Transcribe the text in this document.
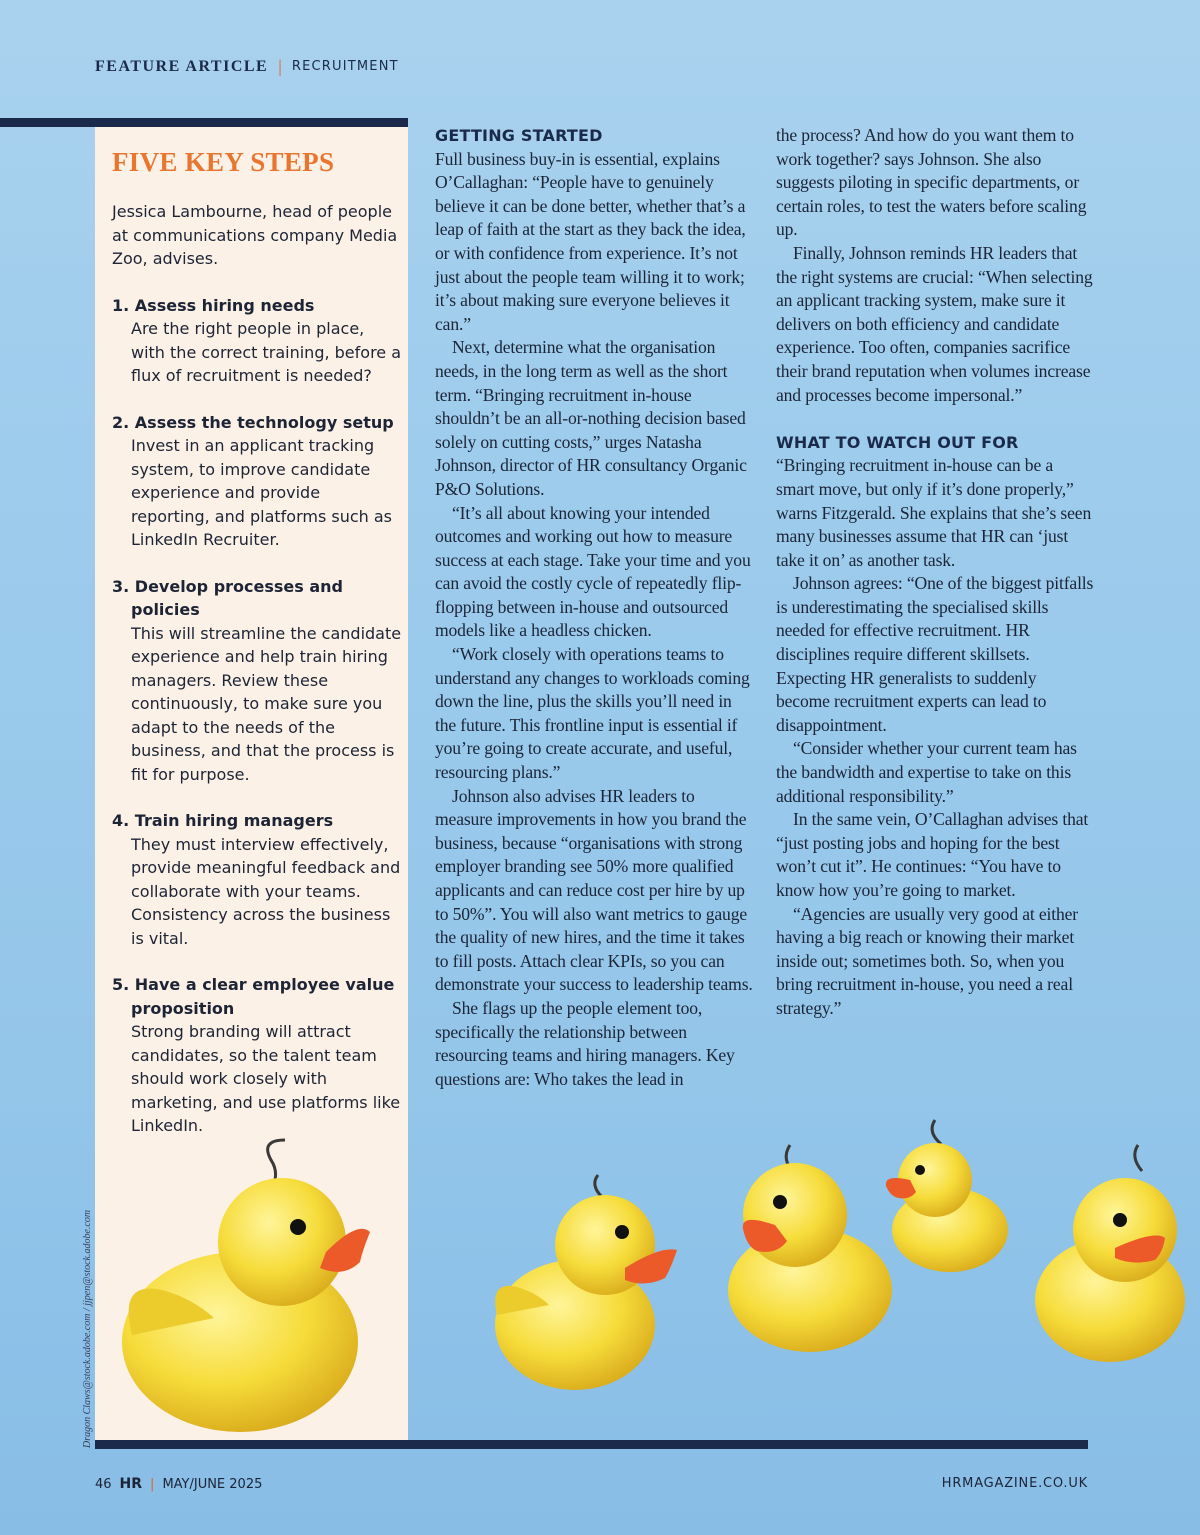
FEATURE ARTICLE | RECRUITMENT
FIVE KEY STEPS
Jessica Lambourne, head of people at communications company Media Zoo, advises.
1. Assess hiring needs
Are the right people in place, with the correct training, before a flux of recruitment is needed?
2. Assess the technology setup
Invest in an applicant tracking system, to improve candidate experience and provide reporting, and platforms such as LinkedIn Recruiter.
3. Develop processes and policies
This will streamline the candidate experience and help train hiring managers. Review these continuously, to make sure you adapt to the needs of the business, and that the process is fit for purpose.
4. Train hiring managers
They must interview effectively, provide meaningful feedback and collaborate with your teams. Consistency across the business is vital.
5. Have a clear employee value proposition
Strong branding will attract candidates, so the talent team should work closely with marketing, and use platforms like LinkedIn.
GETTING STARTED

Full business buy-in is essential, explains O’Callaghan: “People have to genuinely believe it can be done better, whether that’s a leap of faith at the start as they back the idea, or with confidence from experience. It’s not just about the people team willing it to work; it’s about making sure everyone believes it can.”

Next, determine what the organisation needs, in the long term as well as the short term. “Bringing recruitment in-house shouldn’t be an all-or-nothing decision based solely on cutting costs,” urges Natasha Johnson, director of HR consultancy Organic P&O Solutions.

“It’s all about knowing your intended outcomes and working out how to measure success at each stage. Take your time and you can avoid the costly cycle of repeatedly flip-flopping between in-house and outsourced models like a headless chicken.

“Work closely with operations teams to understand any changes to workloads coming down the line, plus the skills you’ll need in the future. This frontline input is essential if you’re going to create accurate, and useful, resourcing plans.”

Johnson also advises HR leaders to measure improvements in how you brand the business, because “organisations with strong employer branding see 50% more qualified applicants and can reduce cost per hire by up to 50%”. You will also want metrics to gauge the quality of new hires, and the time it takes to fill posts. Attach clear KPIs, so you can demonstrate your success to leadership teams.

She flags up the people element too, specifically the relationship between resourcing teams and hiring managers. Key questions are: Who takes the lead in

the process? And how do you want them to work together? says Johnson. She also suggests piloting in specific departments, or certain roles, to test the waters before scaling up.

Finally, Johnson reminds HR leaders that the right systems are crucial: “When selecting an applicant tracking system, make sure it delivers on both efficiency and candidate experience. Too often, companies sacrifice their brand reputation when volumes increase and processes become impersonal.”

WHAT TO WATCH OUT FOR

“Bringing recruitment in-house can be a smart move, but only if it’s done properly,” warns Fitzgerald. She explains that she’s seen many businesses assume that HR can ‘just take it on’ as another task.

Johnson agrees: “One of the biggest pitfalls is underestimating the specialised skills needed for effective recruitment. HR disciplines require different skillsets. Expecting HR generalists to suddenly become recruitment experts can lead to disappointment.

“Consider whether your current team has the bandwidth and expertise to take on this additional responsibility.”

In the same vein, O’Callaghan advises that “just posting jobs and hoping for the best won’t cut it”. He continues: “You have to know how you’re going to market.

“Agencies are usually very good at either having a big reach or knowing their market inside out; sometimes both. So, when you bring recruitment in-house, you need a real strategy.”

Dragon Claws@stock.adobe.com / jjpen@stock.adobe.com
46 HR | MAY/JUNE 2025	HRMAGAZINE.CO.UK
